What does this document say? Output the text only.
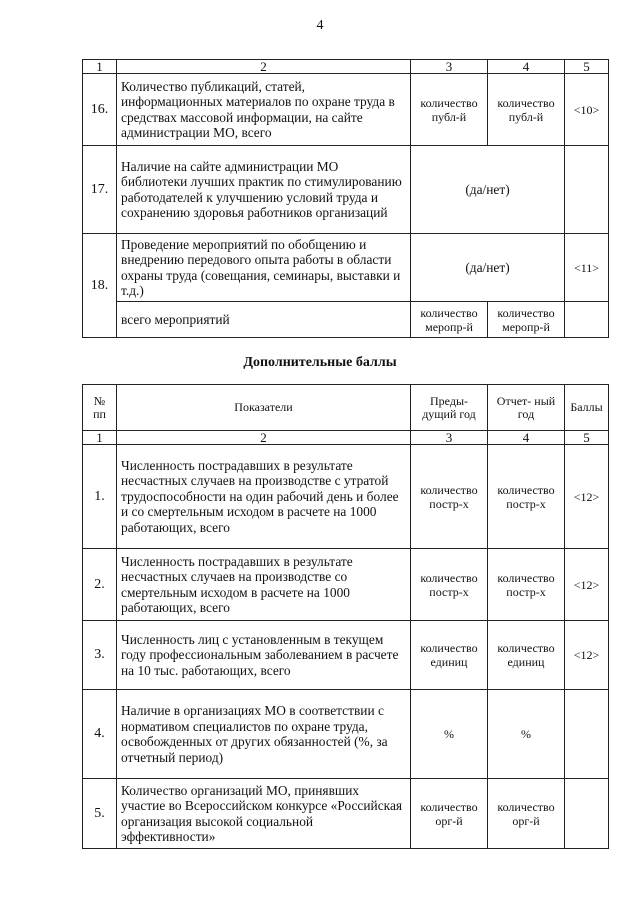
4
1	2	3	4	5
16.	Количество публикаций, статей, информационных материалов по охране труда в средствах массовой информации, на сайте администрации МО, всего	количество публ-й	количество публ-й	<10>
17.	Наличие на сайте администрации МО библиотеки лучших практик по стимулированию работодателей к улучшению условий труда и сохранению здоровья работников организаций	(да/нет)		
18.	Проведение мероприятий по обобщению и внедрению передового опыта работы в области охраны труда (совещания, семинары, выставки и т.д.)	(да/нет)		<11>
	всего мероприятий	количество меропр-й	количество меропр-й	
Дополнительные баллы
№ пп	Показатели	Преды- дущий год	Отчет- ный год	Баллы
1	2	3	4	5
1.	Численность пострадавших в результате несчастных случаев на производстве с утратой трудоспособности на один рабочий день и более и со смертельным исходом в расчете на 1000 работающих, всего	количество постр-х	количество постр-х	<12>
2.	Численность пострадавших в результате несчастных случаев на производстве со смертельным исходом в расчете на 1000 работающих, всего	количество постр-х	количество постр-х	<12>
3.	Численность лиц с установленным в текущем году профессиональным заболеванием в расчете на 10 тыс. работающих, всего	количество единиц	количество единиц	<12>
4.	Наличие в организациях МО в соответствии с нормативом специалистов по охране труда, освобожденных от других обязанностей (%, за отчетный период)	%	%	
5.	Количество организаций МО, принявших участие во Всероссийском конкурсе «Российская организация высокой социальной эффективности»	количество орг-й	количество орг-й	
